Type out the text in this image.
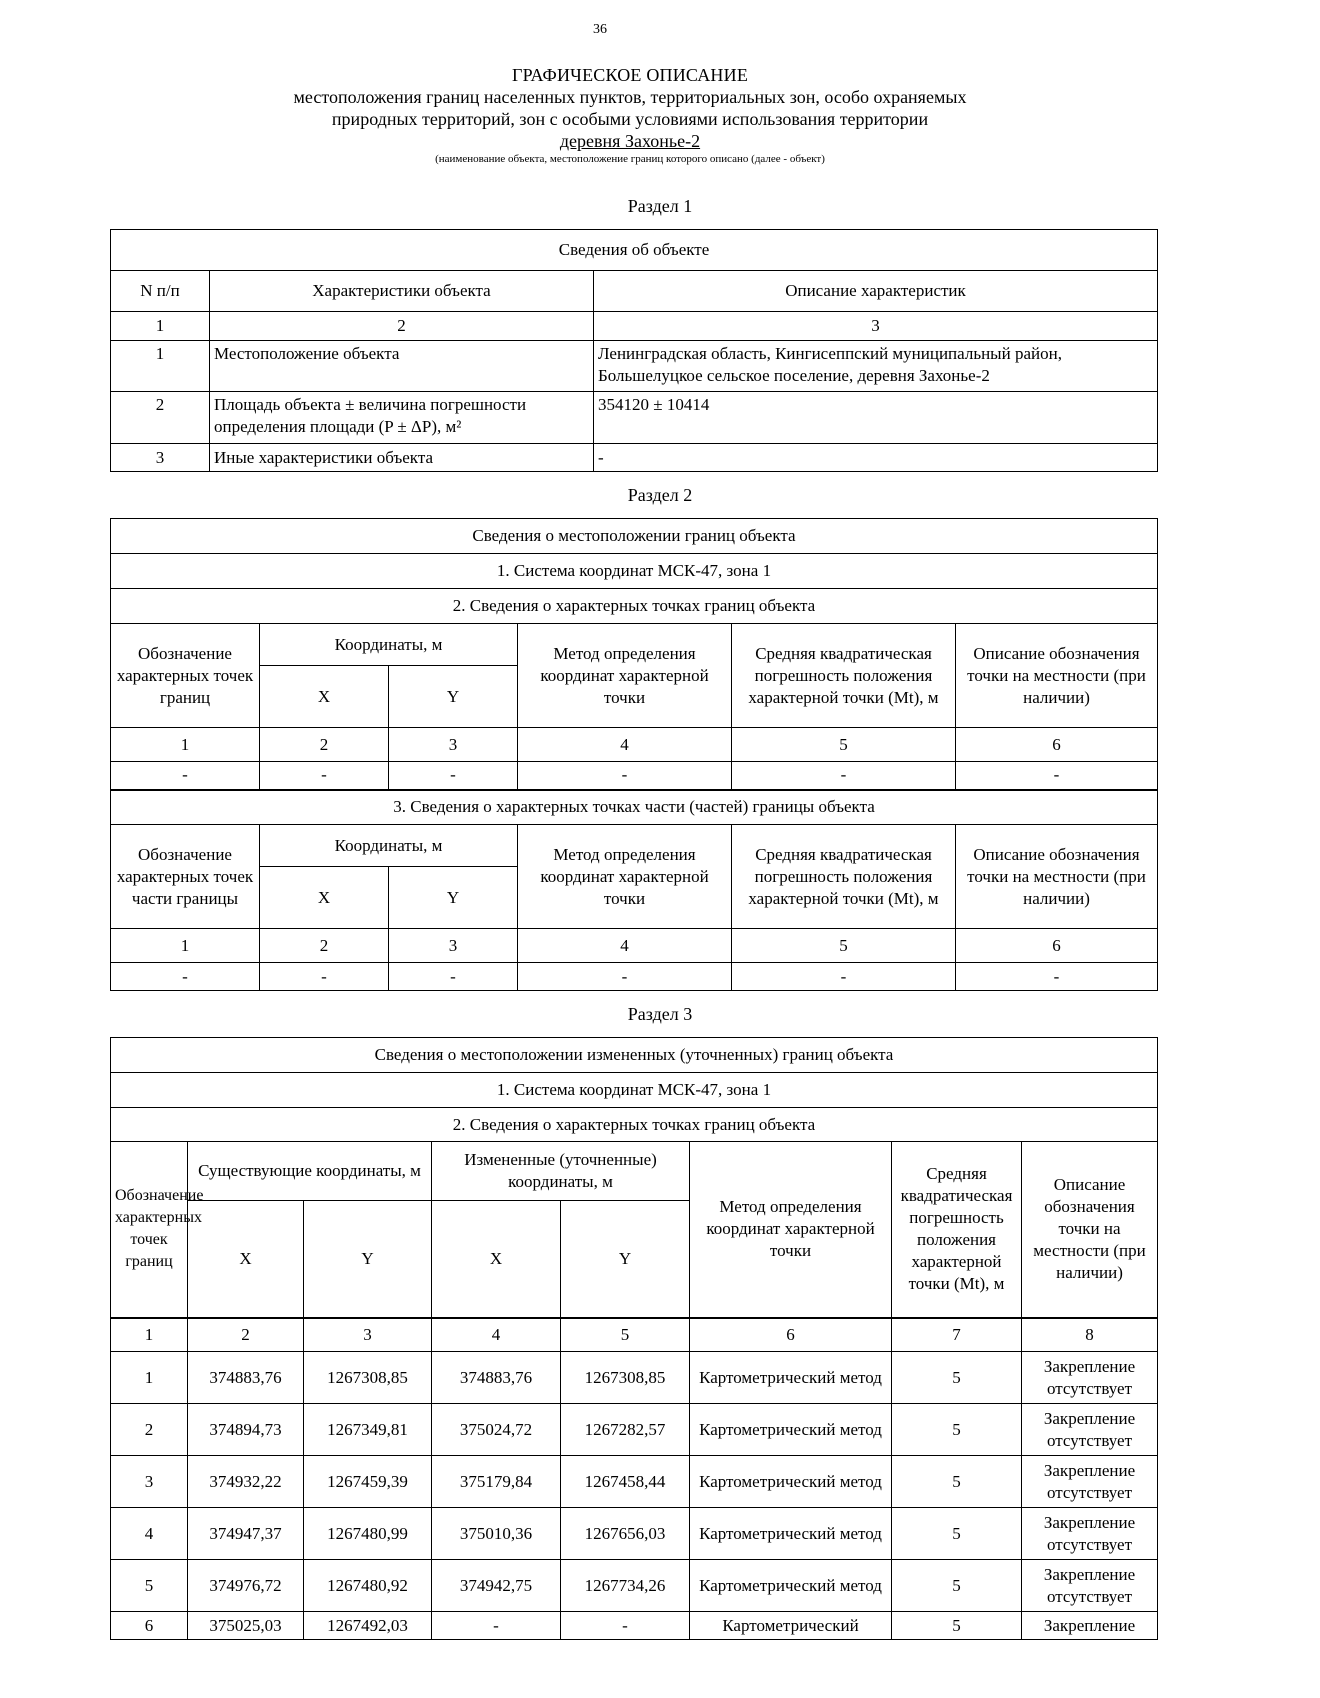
36
ГРАФИЧЕСКОЕ ОПИСАНИЕ
местоположения границ населенных пунктов, территориальных зон, особо охраняемых
природных территорий, зон с особыми условиями использования территории
деревня Захонье-2
(наименование объекта, местоположение границ которого описано (далее - объект)
Раздел 1
Сведения об объекте		
N п/п	Характеристики объекта	Описание характеристик
1	2	3
1	Местоположение объекта	Ленинградская область, Кингисеппский муниципальный район, Большелуцкое сельское поселение, деревня Захонье-2
2	Площадь объекта ± величина погрешности определения площади (P ± ΔP), м²	354120 ± 10414
3	Иные характеристики объекта	-
Раздел 2
Сведения о местоположении границ объекта					
1. Система координат МСК-47, зона 1					
2. Сведения о характерных точках границ объекта					
Обозначение характерных точек границ	Координаты, м		Метод определения координат характерной точки	Средняя квадратическая погрешность положения характерной точки (Mt), м	Описание обозначения точки на местности (при наличии)
	X	Y			
1	2	3	4	5	6
-	-	-	-	-	-
3. Сведения о характерных точках части (частей) границы объекта					
Обозначение характерных точек части границы	Координаты, м		Метод определения координат характерной точки	Средняя квадратическая погрешность положения характерной точки (Mt), м	Описание обозначения точки на местности (при наличии)
	X	Y			
1	2	3	4	5	6
-	-	-	-	-	-
Раздел 3
Сведения о местоположении измененных (уточненных) границ объекта							
1. Система координат МСК-47, зона 1							
2. Сведения о характерных точках границ объекта							
Обозначение характерных точек границ	Существующие координаты, м		Измененные (уточненные) координаты, м		Метод определения координат характерной точки	Средняя квадратическая погрешность положения характерной точки (Mt), м	Описание обозначения точки на местности (при наличии)
	X	Y	X	Y			
1	2	3	4	5	6	7	8
1	374883,76	1267308,85	374883,76	1267308,85	Картометрический метод	5	Закрепление отсутствует
2	374894,73	1267349,81	375024,72	1267282,57	Картометрический метод	5	Закрепление отсутствует
3	374932,22	1267459,39	375179,84	1267458,44	Картометрический метод	5	Закрепление отсутствует
4	374947,37	1267480,99	375010,36	1267656,03	Картометрический метод	5	Закрепление отсутствует
5	374976,72	1267480,92	374942,75	1267734,26	Картометрический метод	5	Закрепление отсутствует
6	375025,03	1267492,03	-	-	Картометрический	5	Закрепление
